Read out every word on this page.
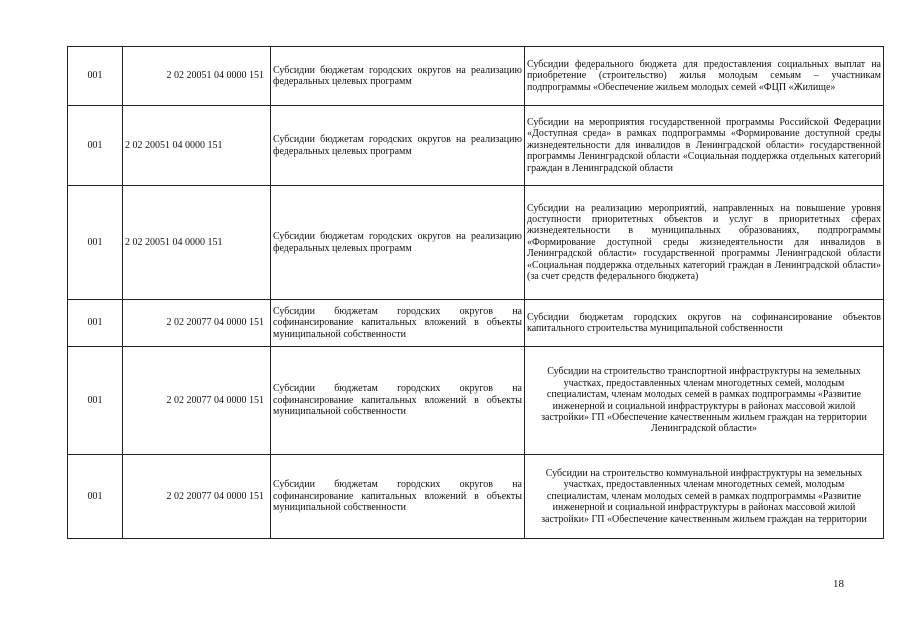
001	2 02 20051 04 0000 151	Субсидии бюджетам городских округов на реализацию федеральных целевых программ	Субсидии федерального бюджета для предоставления социальных выплат на приобретение (строительство) жилья молодым семьям – участникам подпрограммы «Обеспечение жильем молодых семей «ФЦП «Жилище»
001	2 02 20051 04 0000 151	Субсидии бюджетам городских округов на реализацию федеральных целевых программ	Субсидии на мероприятия государственной программы Российской Федерации «Доступная среда» в рамках подпрограммы «Формирование доступной среды жизнедеятельности для инвалидов в Ленинградской области» государственной программы Ленинградской области «Социальная поддержка отдельных категорий граждан в Ленинградской области
001	2 02 20051 04 0000 151	Субсидии бюджетам городских округов на реализацию федеральных целевых программ	Субсидии на реализацию мероприятий, направленных на повышение уровня доступности приоритетных объектов и услуг в приоритетных сферах жизнедеятельности в муниципальных образованиях, подпрограммы «Формирование доступной среды жизнедеятельности для инвалидов в Ленинградской области» государственной программы Ленинградской области «Социальная поддержка отдельных категорий граждан в Ленинградской области» (за счет средств федерального бюджета)
001	2 02 20077 04 0000 151	Субсидии бюджетам городских округов на софинансирование капитальных вложений в объекты муниципальной собственности	Субсидии бюджетам городских округов на софинансирование объектов капитального строительства муниципальной собственности
001	2 02 20077 04 0000 151	Субсидии бюджетам городских округов на софинансирование капитальных вложений в объекты муниципальной собственности	Субсидии на строительство транспортной инфраструктуры на земельных участках, предоставленных членам многодетных семей, молодым специалистам, членам молодых семей в рамках подпрограммы «Развитие инженерной и социальной инфраструктуры в районах массовой жилой застройки» ГП «Обеспечение качественным жильем граждан на территории Ленинградской области»
001	2 02 20077 04 0000 151	Субсидии бюджетам городских округов на софинансирование капитальных вложений в объекты муниципальной собственности	Субсидии на строительство коммунальной инфраструктуры на земельных участках, предоставленных членам многодетных семей, молодым специалистам, членам молодых семей в рамках подпрограммы «Развитие инженерной и социальной инфраструктуры в районах массовой жилой застройки» ГП «Обеспечение качественным жильем граждан на территории
18
